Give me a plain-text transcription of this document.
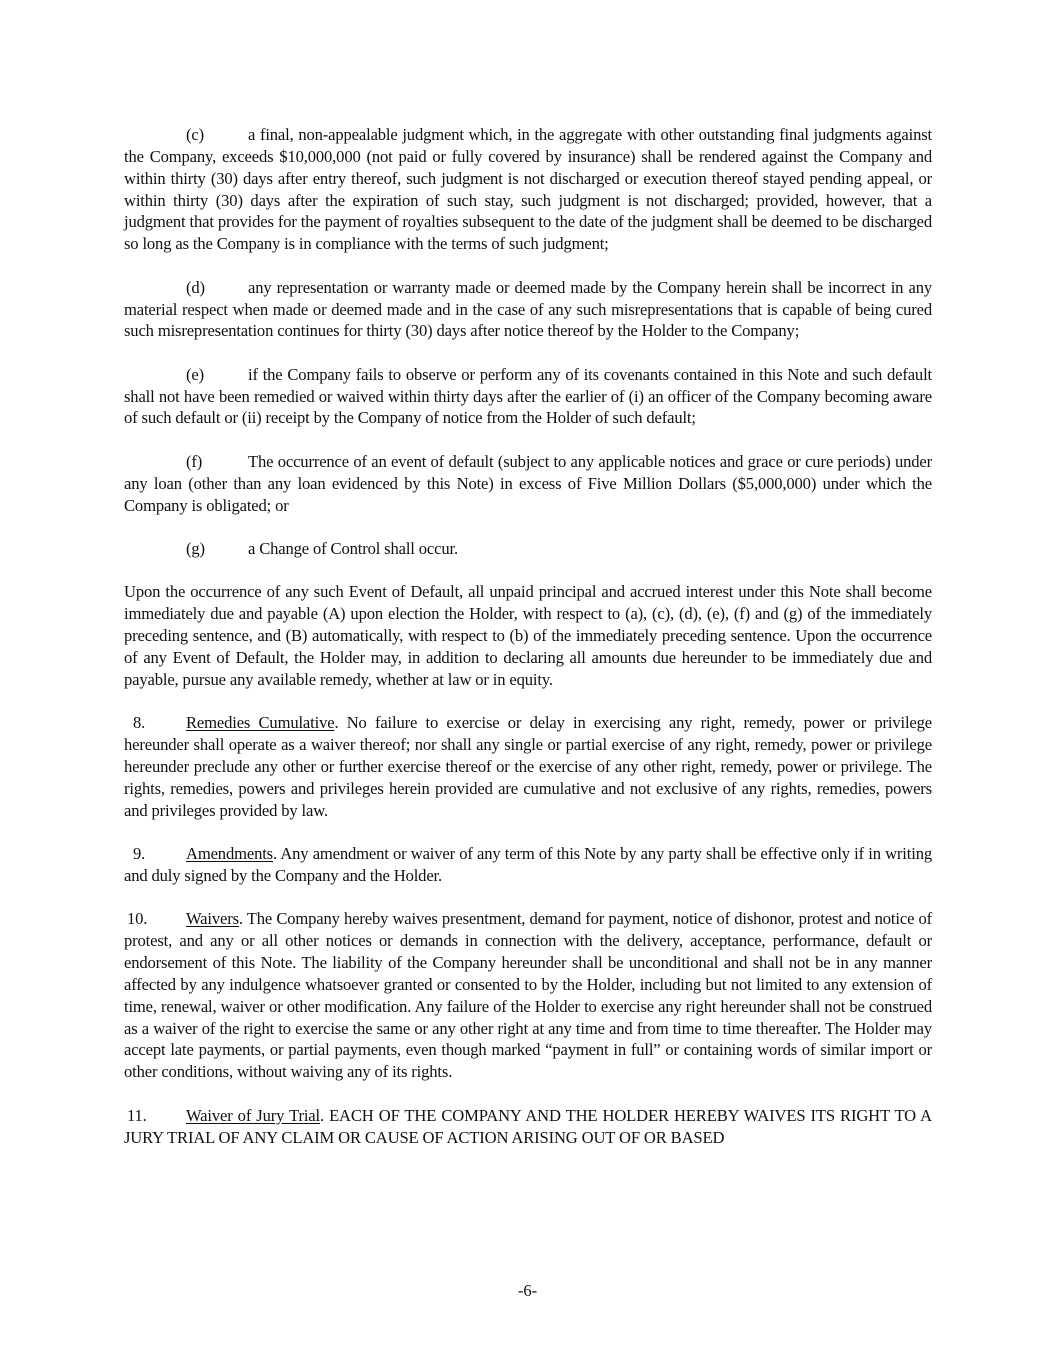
(c)	a final, non-appealable judgment which, in the aggregate with other outstanding final judgments against the Company, exceeds $10,000,000 (not paid or fully covered by insurance) shall be rendered against the Company and within thirty (30) days after entry thereof, such judgment is not discharged or execution thereof stayed pending appeal, or within thirty (30) days after the expiration of such stay, such judgment is not discharged; provided, however, that a judgment that provides for the payment of royalties subsequent to the date of the judgment shall be deemed to be discharged so long as the Company is in compliance with the terms of such judgment;

(d)	any representation or warranty made or deemed made by the Company herein shall be incorrect in any material respect when made or deemed made and in the case of any such misrepresentations that is capable of being cured such misrepresentation continues for thirty (30) days after notice thereof by the Holder to the Company;

(e)	if the Company fails to observe or perform any of its covenants contained in this Note and such default shall not have been remedied or waived within thirty days after the earlier of (i) an officer of the Company becoming aware of such default or (ii) receipt by the Company of notice from the Holder of such default;

(f)	The occurrence of an event of default (subject to any applicable notices and grace or cure periods) under any loan (other than any loan evidenced by this Note) in excess of Five Million Dollars ($5,000,000) under which the Company is obligated; or

(g)	a Change of Control shall occur.

Upon the occurrence of any such Event of Default, all unpaid principal and accrued interest under this Note shall become immediately due and payable (A) upon election the Holder, with respect to (a), (c), (d), (e), (f) and (g) of the immediately preceding sentence, and (B) automatically, with respect to (b) of the immediately preceding sentence. Upon the occurrence of any Event of Default, the Holder may, in addition to declaring all amounts due hereunder to be immediately due and payable, pursue any available remedy, whether at law or in equity.

8. Remedies Cumulative. No failure to exercise or delay in exercising any right, remedy, power or privilege hereunder shall operate as a waiver thereof; nor shall any single or partial exercise of any right, remedy, power or privilege hereunder preclude any other or further exercise thereof or the exercise of any other right, remedy, power or privilege. The rights, remedies, powers and privileges herein provided are cumulative and not exclusive of any rights, remedies, powers and privileges provided by law.

9. Amendments. Any amendment or waiver of any term of this Note by any party shall be effective only if in writing and duly signed by the Company and the Holder.

10. Waivers. The Company hereby waives presentment, demand for payment, notice of dishonor, protest and notice of protest, and any or all other notices or demands in connection with the delivery, acceptance, performance, default or endorsement of this Note. The liability of the Company hereunder shall be unconditional and shall not be in any manner affected by any indulgence whatsoever granted or consented to by the Holder, including but not limited to any extension of time, renewal, waiver or other modification. Any failure of the Holder to exercise any right hereunder shall not be construed as a waiver of the right to exercise the same or any other right at any time and from time to time thereafter. The Holder may accept late payments, or partial payments, even though marked “payment in full” or containing words of similar import or other conditions, without waiving any of its rights.

11. Waiver of Jury Trial. EACH OF THE COMPANY AND THE HOLDER HEREBY WAIVES ITS RIGHT TO A JURY TRIAL OF ANY CLAIM OR CAUSE OF ACTION ARISING OUT OF OR BASED

-6-
